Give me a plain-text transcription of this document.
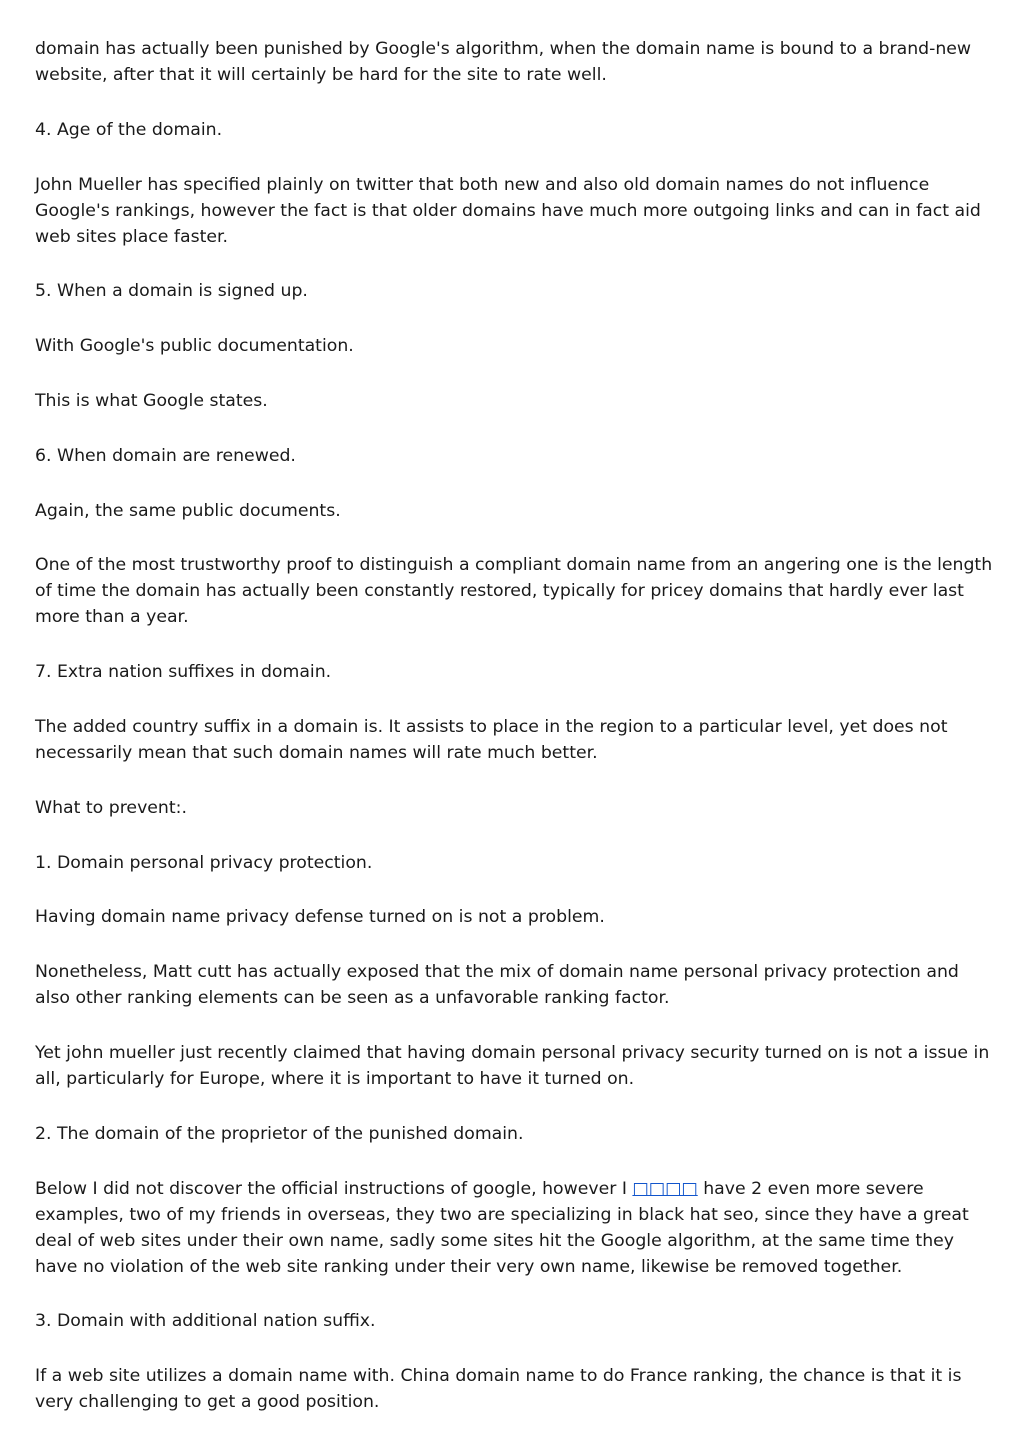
domain has actually been punished by Google's algorithm, when the domain name is bound to a brand-new website, after that it will certainly be hard for the site to rate well.

4. Age of the domain.

John Mueller has specified plainly on twitter that both new and also old domain names do not influence Google's rankings, however the fact is that older domains have much more outgoing links and can in fact aid web sites place faster.

5. When a domain is signed up.

With Google's public documentation.

This is what Google states.

6. When domain are renewed.

Again, the same public documents.

One of the most trustworthy proof to distinguish a compliant domain name from an angering one is the length of time the domain has actually been constantly restored, typically for pricey domains that hardly ever last more than a year.

7. Extra nation suffixes in domain.

The added country suffix in a domain is. It assists to place in the region to a particular level, yet does not necessarily mean that such domain names will rate much better.

What to prevent:.

1. Domain personal privacy protection.

Having domain name privacy defense turned on is not a problem.

Nonetheless, Matt cutt has actually exposed that the mix of domain name personal privacy protection and also other ranking elements can be seen as a unfavorable ranking factor.

Yet john mueller just recently claimed that having domain personal privacy security turned on is not a issue in all, particularly for Europe, where it is important to have it turned on.

2. The domain of the proprietor of the punished domain.

Below I did not discover the official instructions of google, however I □□□□ have 2 even more severe examples, two of my friends in overseas, they two are specializing in black hat seo, since they have a great deal of web sites under their own name, sadly some sites hit the Google algorithm, at the same time they have no violation of the web site ranking under their very own name, likewise be removed together.

3. Domain with additional nation suffix.

If a web site utilizes a domain name with. China domain name to do France ranking, the chance is that it is very challenging to get a good position.
